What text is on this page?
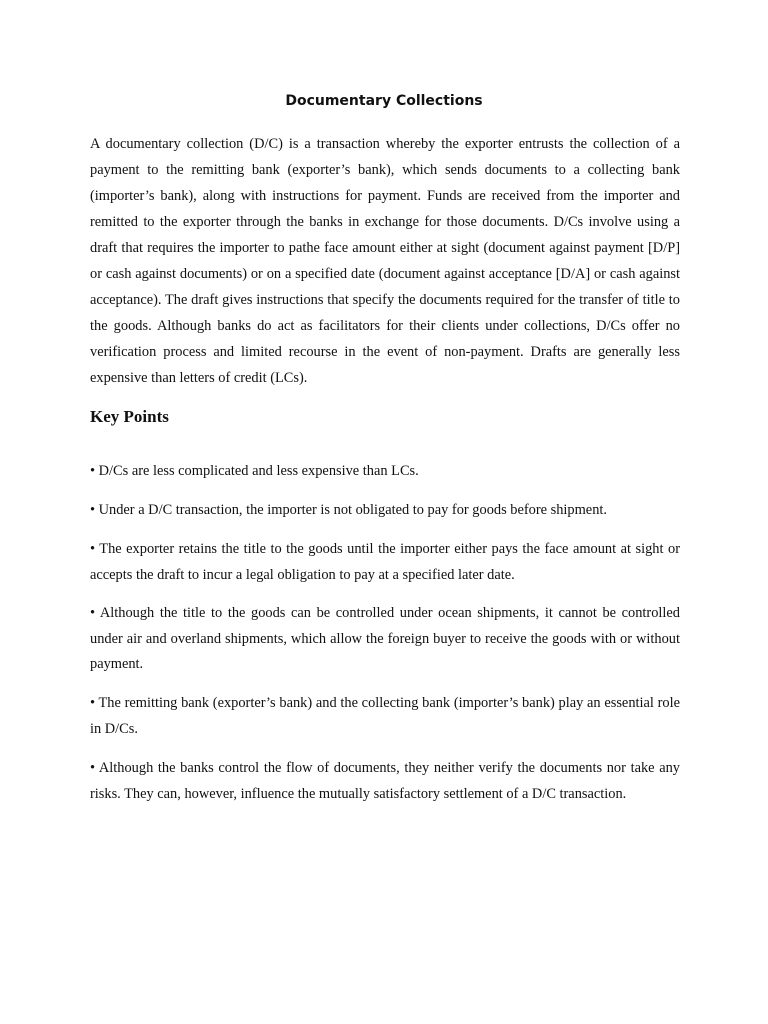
Documentary Collections

A documentary collection (D/C) is a transaction whereby the exporter entrusts the collection of a payment to the remitting bank (exporter’s bank), which sends documents to a collecting bank (importer’s bank), along with instructions for payment. Funds are received from the importer and remitted to the exporter through the banks in exchange for those documents. D/Cs involve using a draft that requires the importer to pathe face amount either at sight (document against payment [D/P] or cash against documents) or on a specified date (document against acceptance [D/A] or cash against acceptance). The draft gives instructions that specify the documents required for the transfer of title to the goods. Although banks do act as facilitators for their clients under collections, D/Cs offer no verification process and limited recourse in the event of non-payment. Drafts are generally less expensive than letters of credit (LCs).

Key Points

• D/Cs are less complicated and less expensive than LCs.

• Under a D/C transaction, the importer is not obligated to pay for goods before shipment.

• The exporter retains the title to the goods until the importer either pays the face amount at sight or accepts the draft to incur a legal obligation to pay at a specified later date.

• Although the title to the goods can be controlled under ocean shipments, it cannot be controlled under air and overland shipments, which allow the foreign buyer to receive the goods with or without payment.

• The remitting bank (exporter’s bank) and the collecting bank (importer’s bank) play an essential role in D/Cs.

• Although the banks control the flow of documents, they neither verify the documents nor take any risks. They can, however, influence the mutually satisfactory settlement of a D/C transaction.
